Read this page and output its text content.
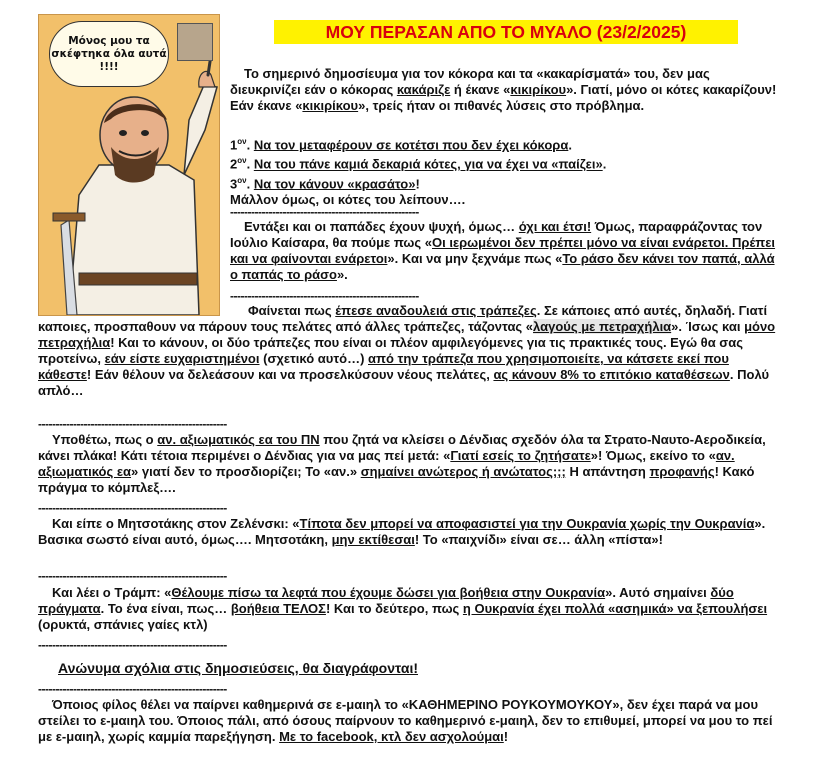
Μόνος μου τα σκέφτηκα όλα αυτά !!!!
ΜΟΥ ΠΕΡΑΣΑΝ ΑΠΟ ΤΟ ΜΥΑΛΟ (23/2/2025)
Το σημερινό δημοσίευμα για τον κόκορα και τα «κακαρίσματά» του, δεν μας διευκρινίζει εάν ο κόκορας κακάριζε ή έκανε «κικιρίκου». Γιατί, μόνο οι κότες κακαρίζουν! Εάν έκανε «κικιρίκου», τρείς ήταν οι πιθανές λύσεις στο πρόβλημα.

$1^{o\nu}$. Να τον μεταφέρουν σε κοτέτσι που δεν έχει κόκορα.

$2^{o\nu}$. Να του πάνε καμιά δεκαριά κότες, για να έχει να «παίζει».

$3^{o\nu}$. Να τον κάνουν «κρασάτο»!

Μάλλον όμως, οι κότες του λείπουν….

------------------------------------------------------
Εντάξει και οι παπάδες έχουν ψυχή, όμως… όχι και έτσι! Όμως, παραφράζοντας τον Ιούλιο Καίσαρα, θα πούμε πως «Οι ιερωμένοι δεν πρέπει μόνο να είναι ενάρετοι. Πρέπει και να φαίνονται ενάρετοι». Και να μην ξεχνάμε πως «Το ράσο δεν κάνει τον παπά, αλλά ο παπάς το ράσο».
------------------------------------------------------
Φαίνεται πως έπεσε αναδουλειά στις τράπεζες. Σε κάποιες από αυτές, δηλαδή. Γιατί καποιες, προσπαθουν να πάρουν τους πελάτες από άλλες τράπεζες, τάζοντας «λαγούς με πετραχήλια». Ίσως και μόνο πετραχήλια! Και το κάνουν, οι δύο τράπεζες που είναι οι πλέον αμφιλεγόμενες για τις πρακτικές τους. Εγώ θα σας προτείνω, εάν είστε ευχαριστημένοι (σχετικό αυτό…) από την τράπεζα που χρησιμοποιείτε, να κάτσετε εκεί που κάθεστε! Εάν θέλουν να δελεάσουν και να προσελκύσουν νέους πελάτες, ας κάνουν 8% το επιτόκιο καταθέσεων. Πολύ απλό…
------------------------------------------------------
Υποθέτω, πως ο αν. αξιωματικός εα του ΠΝ που ζητά να κλείσει ο Δένδιας σχεδόν όλα τα Στρατο-Ναυτο-Αεροδικεία, κάνει πλάκα! Κάτι τέτοια περιμένει ο Δένδιας για να μας πεί μετά: «Γιατί εσείς το ζητήσατε»! Όμως, εκείνο το «αν. αξιωματικός εα» γιατί δεν το προσδιορίζει; Το «αν.» σημαίνει ανώτερος ή ανώτατος;;; Η απάντηση προφανής! Κακό πράγμα το κόμπλεξ….
------------------------------------------------------
Και είπε ο Μητσοτάκης στον Ζελένσκι: «Τίποτα δεν μπορεί να αποφασιστεί για την Ουκρανία χωρίς την Ουκρανία». Βασικα σωστό είναι αυτό, όμως…. Μητσοτάκη, μην εκτίθεσαι! Το «παιχνίδι» είναι σε… άλλη «πίστα»!
------------------------------------------------------
Και λέει ο Τράμπ: «Θέλουμε πίσω τα λεφτά που έχουμε δώσει για βοήθεια στην Ουκρανία». Αυτό σημαίνει δύο πράγματα. Το ένα είναι, πως… βοήθεια ΤΕΛΟΣ! Και το δεύτερο, πως η Ουκρανία έχει πολλά «ασημικά» να ξεπουλήσει (ορυκτά, σπάνιες γαίες κτλ)
------------------------------------------------------
Ανώνυμα σχόλια στις δημοσιεύσεις, θα διαγράφονται!
------------------------------------------------------
Όποιος φίλος θέλει να παίρνει καθημερινά σε ε-μαιηλ το «ΚΑΘΗΜΕΡΙΝΟ ΡΟΥΚΟΥΜΟΥΚΟΥ», δεν έχει παρά να μου στείλει το ε-μαιηλ του. Όποιος πάλι, από όσους παίρνουν το καθημερινό ε-μαιηλ, δεν το επιθυμεί, μπορεί να μου το πεί με ε-μαιηλ, χωρίς καμμία παρεξήγηση. Με το facebook, κτλ δεν ασχολούμαι!
